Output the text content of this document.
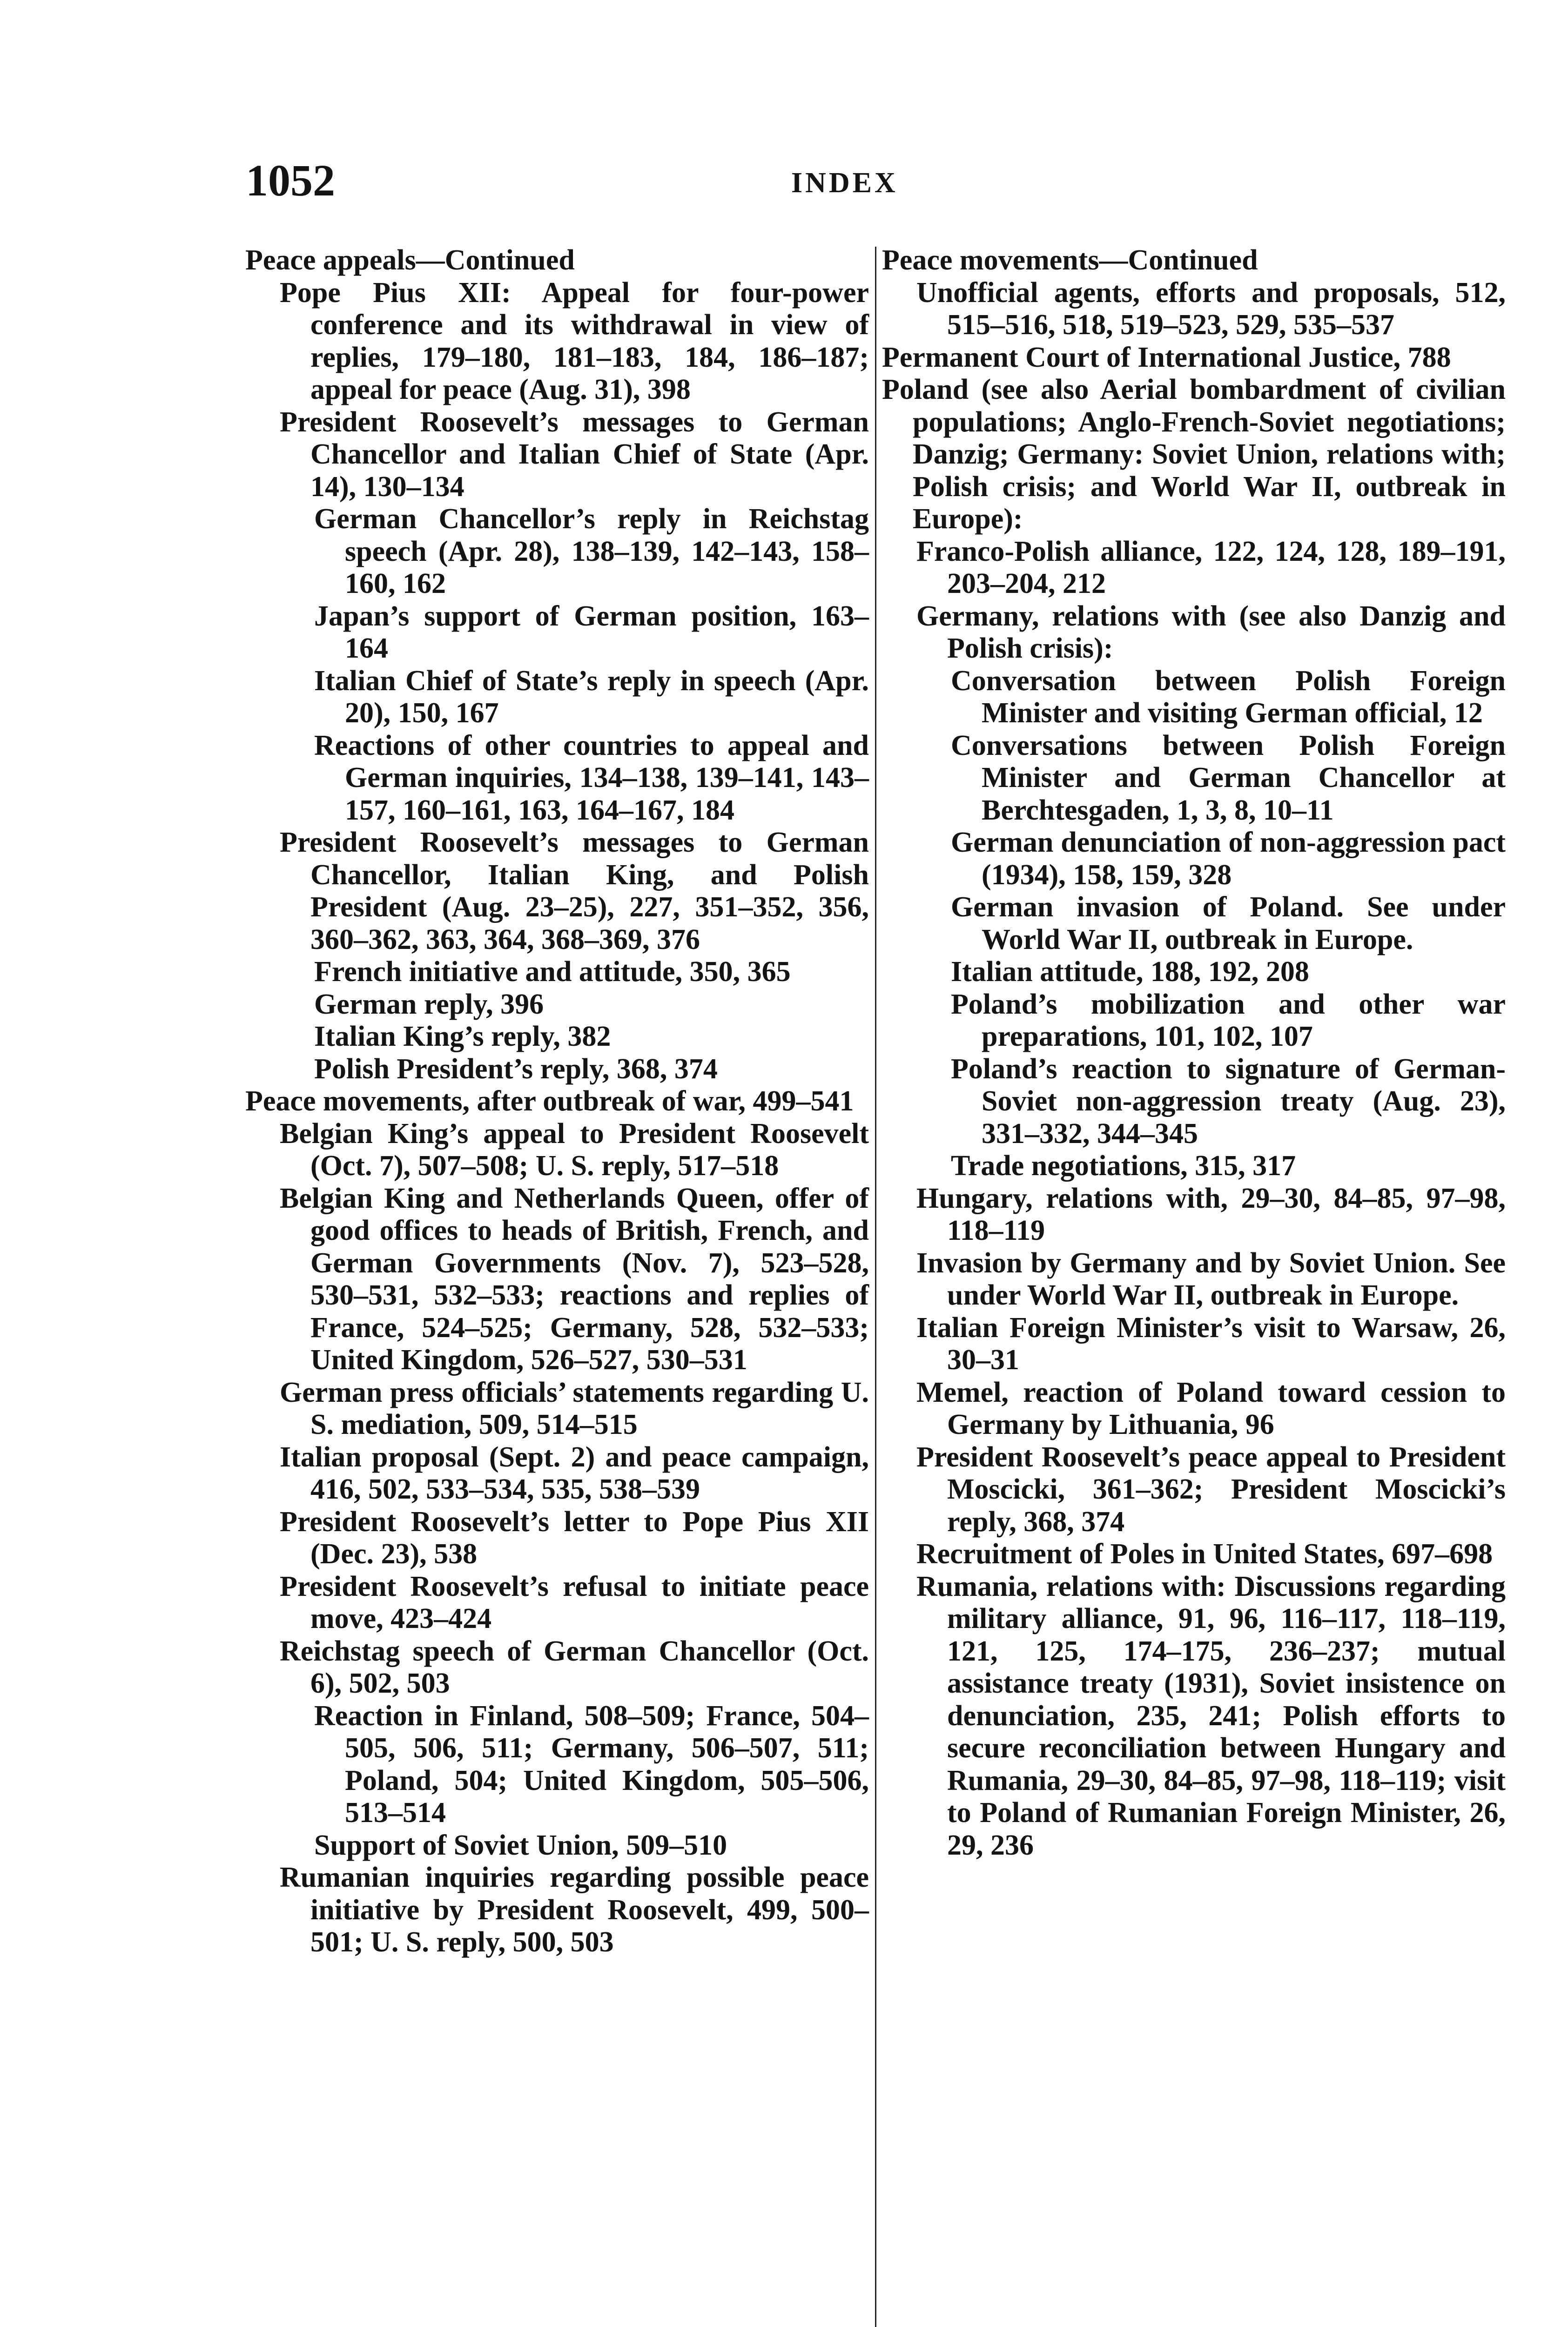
1052	INDEX

Peace appeals—Continued

Pope Pius XII: Appeal for four-power conference and its withdrawal in view of replies, 179–180, 181–183, 184, 186–187; appeal for peace (Aug. 31), 398

President Roosevelt’s messages to German Chancellor and Italian Chief of State (Apr. 14), 130–134

German Chancellor’s reply in Reichstag speech (Apr. 28), 138–139, 142–143, 158–160, 162

Japan’s support of German position, 163–164

Italian Chief of State’s reply in speech (Apr. 20), 150, 167

Reactions of other countries to appeal and German inquiries, 134–138, 139–141, 143–157, 160–161, 163, 164–167, 184

President Roosevelt’s messages to German Chancellor, Italian King, and Polish President (Aug. 23–25), 227, 351–352, 356, 360–362, 363, 364, 368–369, 376

French initiative and attitude, 350, 365

German reply, 396

Italian King’s reply, 382

Polish President’s reply, 368, 374

Peace movements, after outbreak of war, 499–541

Belgian King’s appeal to President Roosevelt (Oct. 7), 507–508; U. S. reply, 517–518

Belgian King and Netherlands Queen, offer of good offices to heads of British, French, and German Governments (Nov. 7), 523–528, 530–531, 532–533; reactions and replies of France, 524–525; Germany, 528, 532–533; United Kingdom, 526–527, 530–531

German press officials’ statements regarding U. S. mediation, 509, 514–515

Italian proposal (Sept. 2) and peace campaign, 416, 502, 533–534, 535, 538–539

President Roosevelt’s letter to Pope Pius XII (Dec. 23), 538

President Roosevelt’s refusal to initiate peace move, 423–424

Reichstag speech of German Chancellor (Oct. 6), 502, 503

Reaction in Finland, 508–509; France, 504–505, 506, 511; Germany, 506–507, 511; Poland, 504; United Kingdom, 505–506, 513–514

Support of Soviet Union, 509–510

Rumanian inquiries regarding possible peace initiative by President Roosevelt, 499, 500–501; U. S. reply, 500, 503

Peace movements—Continued

Unofficial agents, efforts and proposals, 512, 515–516, 518, 519–523, 529, 535–537

Permanent Court of International Justice, 788

Poland (see also Aerial bombardment of civilian populations; Anglo-French-Soviet negotiations; Danzig; Germany: Soviet Union, relations with; Polish crisis; and World War II, outbreak in Europe):

Franco-Polish alliance, 122, 124, 128, 189–191, 203–204, 212

Germany, relations with (see also Danzig and Polish crisis):

Conversation between Polish Foreign Minister and visiting German official, 12

Conversations between Polish Foreign Minister and German Chancellor at Berchtesgaden, 1, 3, 8, 10–11

German denunciation of non-aggression pact (1934), 158, 159, 328

German invasion of Poland. See under World War II, outbreak in Europe.

Italian attitude, 188, 192, 208

Poland’s mobilization and other war preparations, 101, 102, 107

Poland’s reaction to signature of German-Soviet non-aggression treaty (Aug. 23), 331–332, 344–345

Trade negotiations, 315, 317

Hungary, relations with, 29–30, 84–85, 97–98, 118–119

Invasion by Germany and by Soviet Union. See under World War II, outbreak in Europe.

Italian Foreign Minister’s visit to Warsaw, 26, 30–31

Memel, reaction of Poland toward cession to Germany by Lithuania, 96

President Roosevelt’s peace appeal to President Moscicki, 361–362; President Moscicki’s reply, 368, 374

Recruitment of Poles in United States, 697–698

Rumania, relations with: Discussions regarding military alliance, 91, 96, 116–117, 118–119, 121, 125, 174–175, 236–237; mutual assistance treaty (1931), Soviet insistence on denunciation, 235, 241; Polish efforts to secure reconciliation between Hungary and Rumania, 29–30, 84–85, 97–98, 118–119; visit to Poland of Rumanian Foreign Minister, 26, 29, 236
